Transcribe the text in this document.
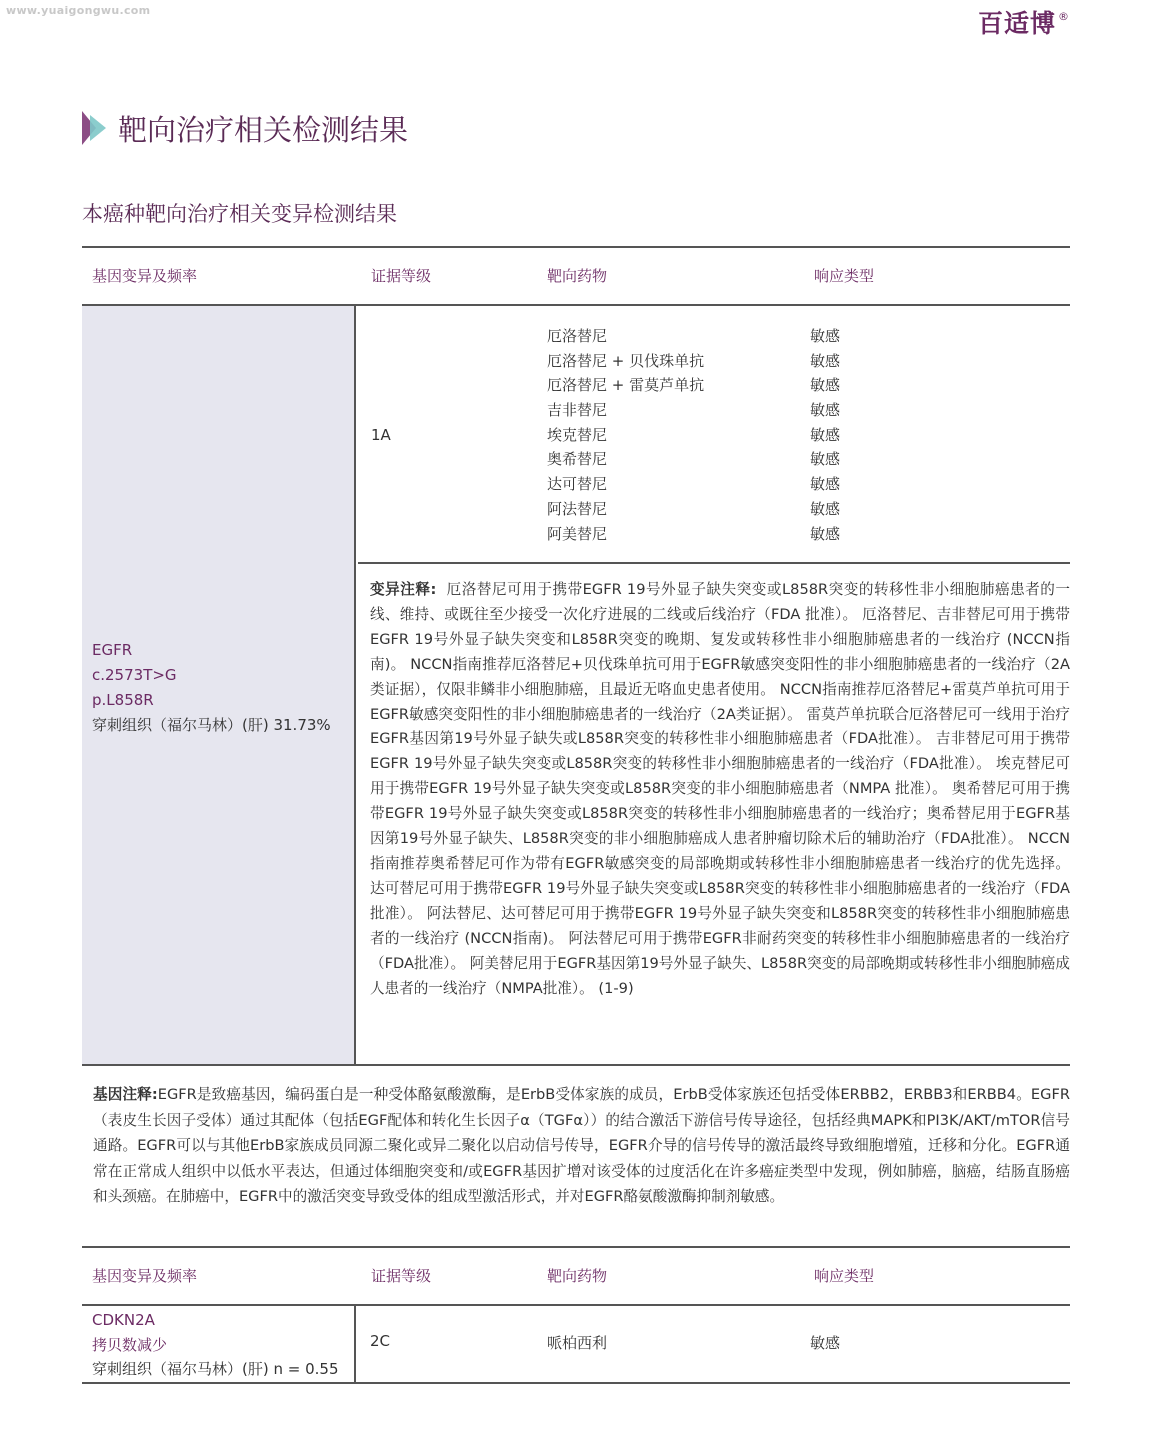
www.yuaigongwu.com	百适博 ®
靶向治疗相关检测结果
本癌种靶向治疗相关变异检测结果
基因变异及频率	证据等级	靶向药物	响应类型
EGFR
c.2573T>G
p.L858R
穿刺组织（福尔马林）(肝) 31.73%
1A
厄洛替尼	敏感
厄洛替尼 + 贝伐珠单抗	敏感
厄洛替尼 + 雷莫芦单抗	敏感
吉非替尼	敏感
埃克替尼	敏感
奥希替尼	敏感
达可替尼	敏感
阿法替尼	敏感
阿美替尼	敏感
变异注释: 厄洛替尼可用于携带EGFR 19号外显子缺失突变或L858R突变的转移性非小细胞肺癌患者的一线、维持、或既往至少接受一次化疗进展的二线或后线治疗（FDA 批准）。 厄洛替尼、吉非替尼可用于携带EGFR 19号外显子缺失突变和L858R突变的晚期、复发或转移性非小细胞肺癌患者的一线治疗 (NCCN指南)。 NCCN指南推荐厄洛替尼+贝伐珠单抗可用于EGFR敏感突变阳性的非小细胞肺癌患者的一线治疗（2A类证据），仅限非鳞非小细胞肺癌，且最近无咯血史患者使用。 NCCN指南推荐厄洛替尼+雷莫芦单抗可用于EGFR敏感突变阳性的非小细胞肺癌患者的一线治疗（2A类证据）。 雷莫芦单抗联合厄洛替尼可一线用于治疗EGFR基因第19号外显子缺失或L858R突变的转移性非小细胞肺癌患者（FDA批准）。 吉非替尼可用于携带EGFR 19号外显子缺失突变或L858R突变的转移性非小细胞肺癌患者的一线治疗（FDA批准）。 埃克替尼可用于携带EGFR 19号外显子缺失突变或L858R突变的非小细胞肺癌患者（NMPA 批准）。 奥希替尼可用于携带EGFR 19号外显子缺失突变或L858R突变的转移性非小细胞肺癌患者的一线治疗；奥希替尼用于EGFR基因第19号外显子缺失、L858R突变的非小细胞肺癌成人患者肿瘤切除术后的辅助治疗（FDA批准）。 NCCN指南推荐奥希替尼可作为带有EGFR敏感突变的局部晚期或转移性非小细胞肺癌患者一线治疗的优先选择。 达可替尼可用于携带EGFR 19号外显子缺失突变或L858R突变的转移性非小细胞肺癌患者的一线治疗（FDA批准）。 阿法替尼、达可替尼可用于携带EGFR 19号外显子缺失突变和L858R突变的转移性非小细胞肺癌患者的一线治疗 (NCCN指南)。 阿法替尼可用于携带EGFR非耐药突变的转移性非小细胞肺癌患者的一线治疗（FDA批准）。 阿美替尼用于EGFR基因第19号外显子缺失、L858R突变的局部晚期或转移性非小细胞肺癌成人患者的一线治疗（NMPA批准）。 (1-9)
基因注释:EGFR是致癌基因，编码蛋白是一种受体酪氨酸激酶，是ErbB受体家族的成员，ErbB受体家族还包括受体ERBB2，ERBB3和ERBB4。EGFR（表皮生长因子受体）通过其配体（包括EGF配体和转化生长因子α（TGFα））的结合激活下游信号传导途径，包括经典MAPK和PI3K/AKT/mTOR信号通路。EGFR可以与其他ErbB家族成员同源二聚化或异二聚化以启动信号传导，EGFR介导的信号传导的激活最终导致细胞增殖，迁移和分化。EGFR通常在正常成人组织中以低水平表达，但通过体细胞突变和/或EGFR基因扩增对该受体的过度活化在许多癌症类型中发现，例如肺癌，脑癌，结肠直肠癌和头颈癌。在肺癌中，EGFR中的激活突变导致受体的组成型激活形式，并对EGFR酪氨酸激酶抑制剂敏感。
基因变异及频率	证据等级	靶向药物	响应类型
CDKN2A
拷贝数减少
穿刺组织（福尔马林）(肝) n = 0.55
2C	哌柏西利	敏感
